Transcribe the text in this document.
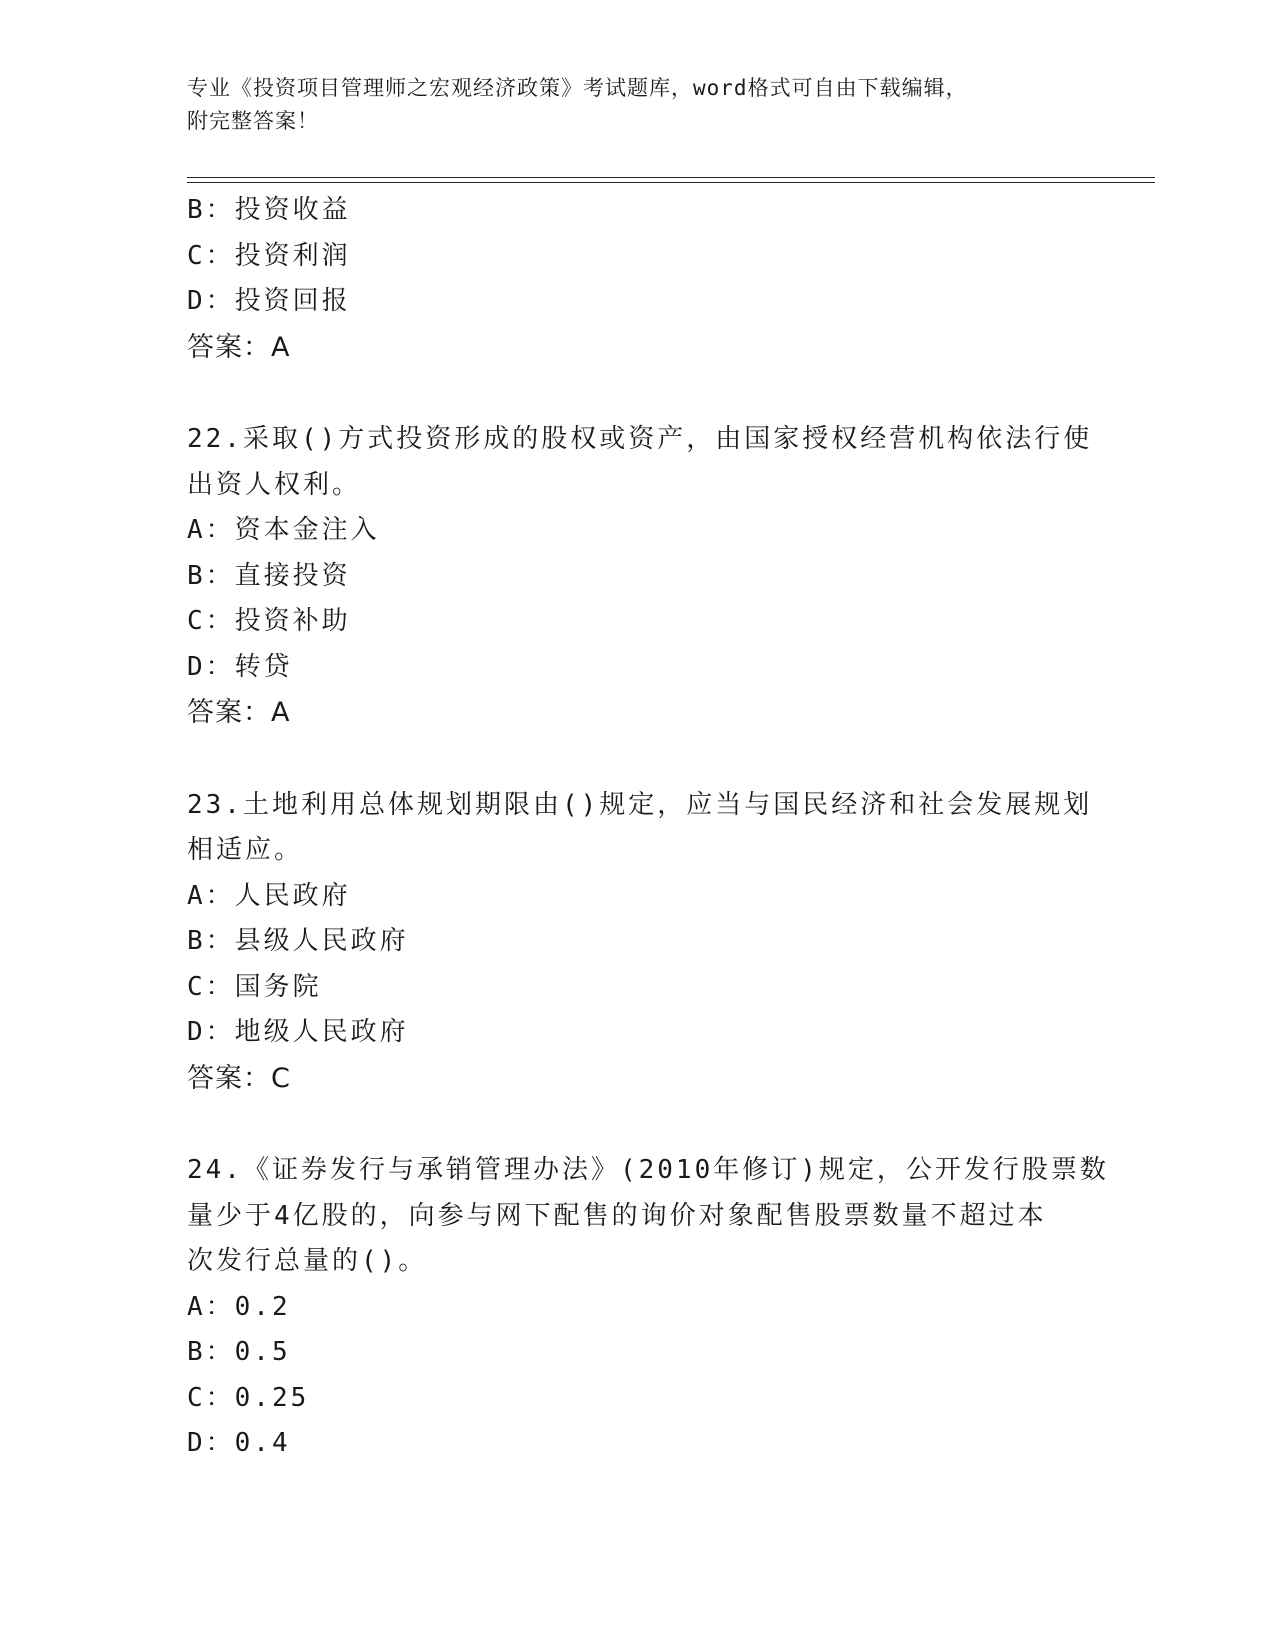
专业《投资项目管理师之宏观经济政策》考试题库，word格式可自由下载编辑，
附完整答案！
B：投资收益
C：投资利润
D：投资回报
答案：A
22.采取()方式投资形成的股权或资产，由国家授权经营机构依法行使
出资人权利。
A：资本金注入
B：直接投资
C：投资补助
D：转贷
答案：A
23.土地利用总体规划期限由()规定，应当与国民经济和社会发展规划
相适应。
A：人民政府
B：县级人民政府
C：国务院
D：地级人民政府
答案：C
24.《证券发行与承销管理办法》(2010年修订)规定，公开发行股票数
量少于4亿股的，向参与网下配售的询价对象配售股票数量不超过本
次发行总量的()。
A：0.2
B：0.5
C：0.25
D：0.4
